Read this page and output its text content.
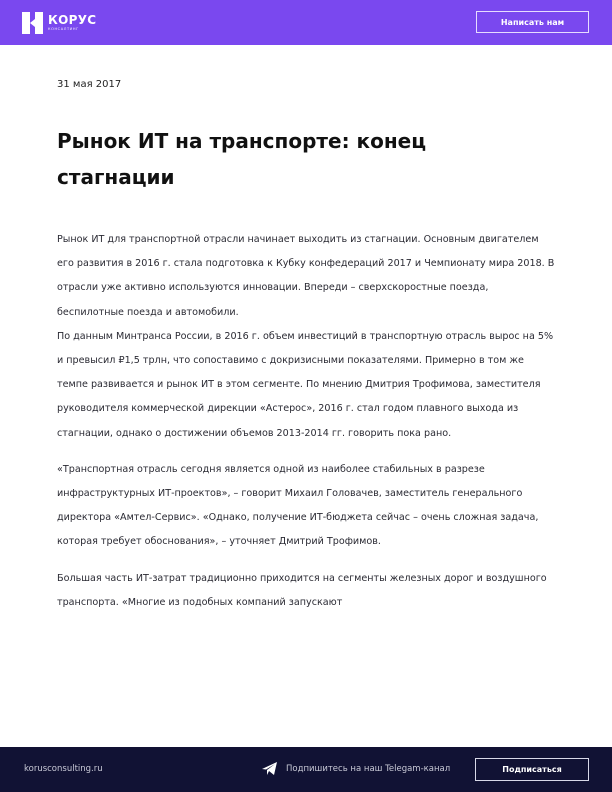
КОРУС
КОНСАЛТИНГ
Написать нам
31 мая 2017
Рынок ИТ на транспорте: конец стагнации

Рынок ИТ для транспортной отрасли начинает выходить из стагнации. Основным двигателем его развития в 2016 г. стала подготовка к Кубку конфедераций 2017 и Чемпионату мира 2018. В отрасли уже активно используются инновации. Впереди – сверхскоростные поезда, беспилотные поезда и автомобили.

По данным Минтранса России, в 2016 г. объем инвестиций в транспортную отрасль вырос на 5% и превысил ₽1,5 трлн, что сопоставимо с докризисными показателями. Примерно в том же темпе развивается и рынок ИТ в этом сегменте. По мнению Дмитрия Трофимова, заместителя руководителя коммерческой дирекции «Астерос», 2016 г. стал годом плавного выхода из стагнации, однако о достижении объемов 2013-2014 гг. говорить пока рано.

«Транспортная отрасль сегодня является одной из наиболее стабильных в разрезе инфраструктурных ИТ-проектов», – говорит Михаил Головачев, заместитель генерального директора «Амтел-Сервис». «Однако, получение ИТ-бюджета сейчас – очень сложная задача, которая требует обоснования», – уточняет Дмитрий Трофимов.

Большая часть ИТ-затрат традиционно приходится на сегменты железных дорог и воздушного транспорта. «Многие из подобных компаний запускают

korusconsulting.ru	Подпишитесь на наш Telegam-канал	Подписаться
